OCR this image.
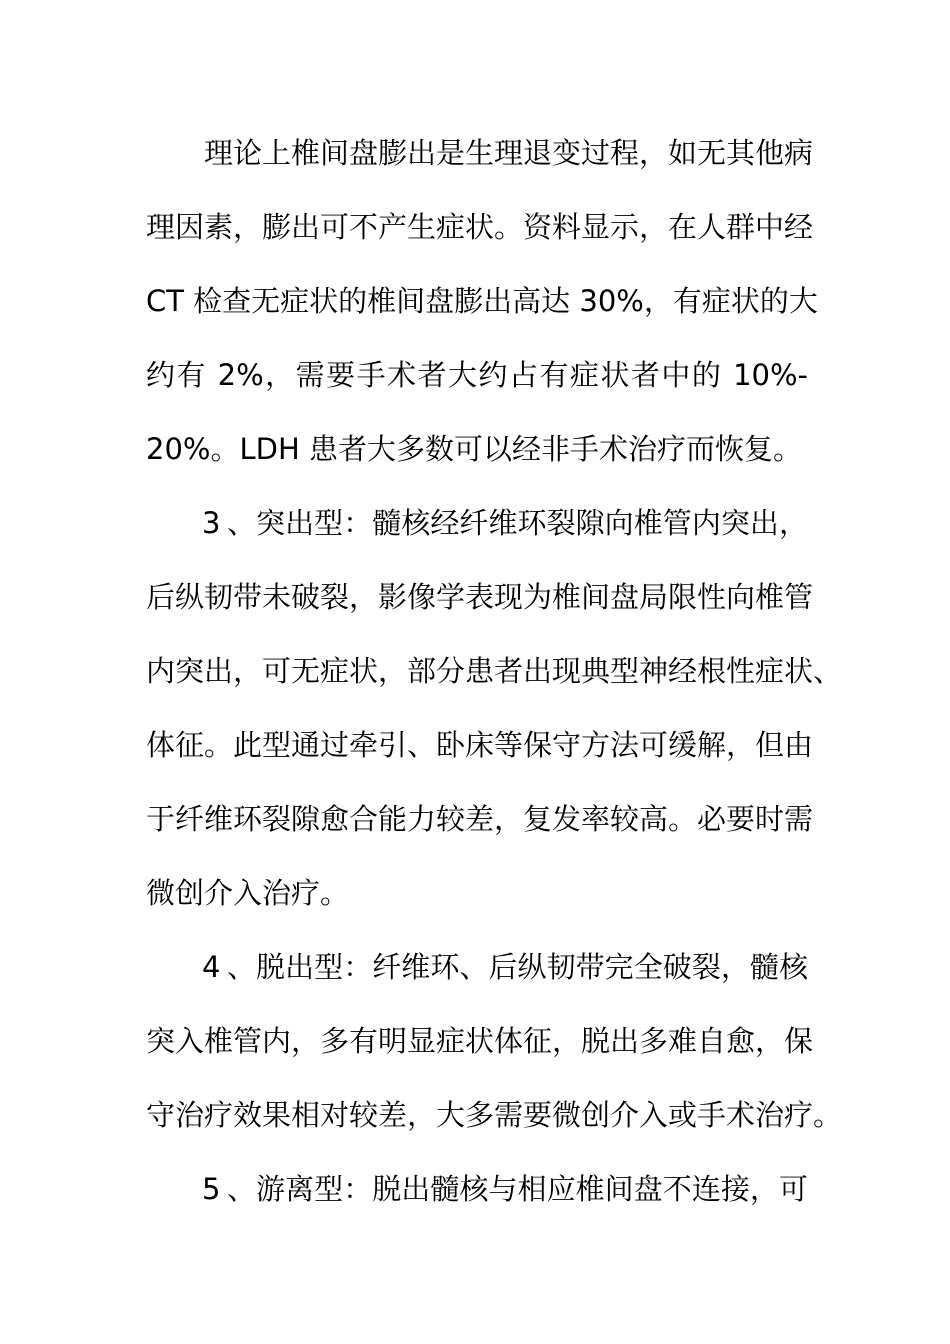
理论上椎间盘膨出是生理退变过程，如无其他病
理因素，膨出可不产生症状。资料显示，在人群中经
CT 检查无症状的椎间盘膨出高达 30%，有症状的大
约有 2%，需要手术者大约占有症状者中的 10%-
20%。LDH 患者大多数可以经非手术治疗而恢复。
3、突出型：髓核经纤维环裂隙向椎管内突出，
后纵韧带未破裂，影像学表现为椎间盘局限性向椎管
内突出，可无症状，部分患者出现典型神经根性症状、
体征。此型通过牵引、卧床等保守方法可缓解，但由
于纤维环裂隙愈合能力较差，复发率较高。必要时需
微创介入治疗。
4、脱出型：纤维环、后纵韧带完全破裂，髓核
突入椎管内，多有明显症状体征，脱出多难自愈，保
守治疗效果相对较差，大多需要微创介入或手术治疗。
5、游离型：脱出髓核与相应椎间盘不连接，可
